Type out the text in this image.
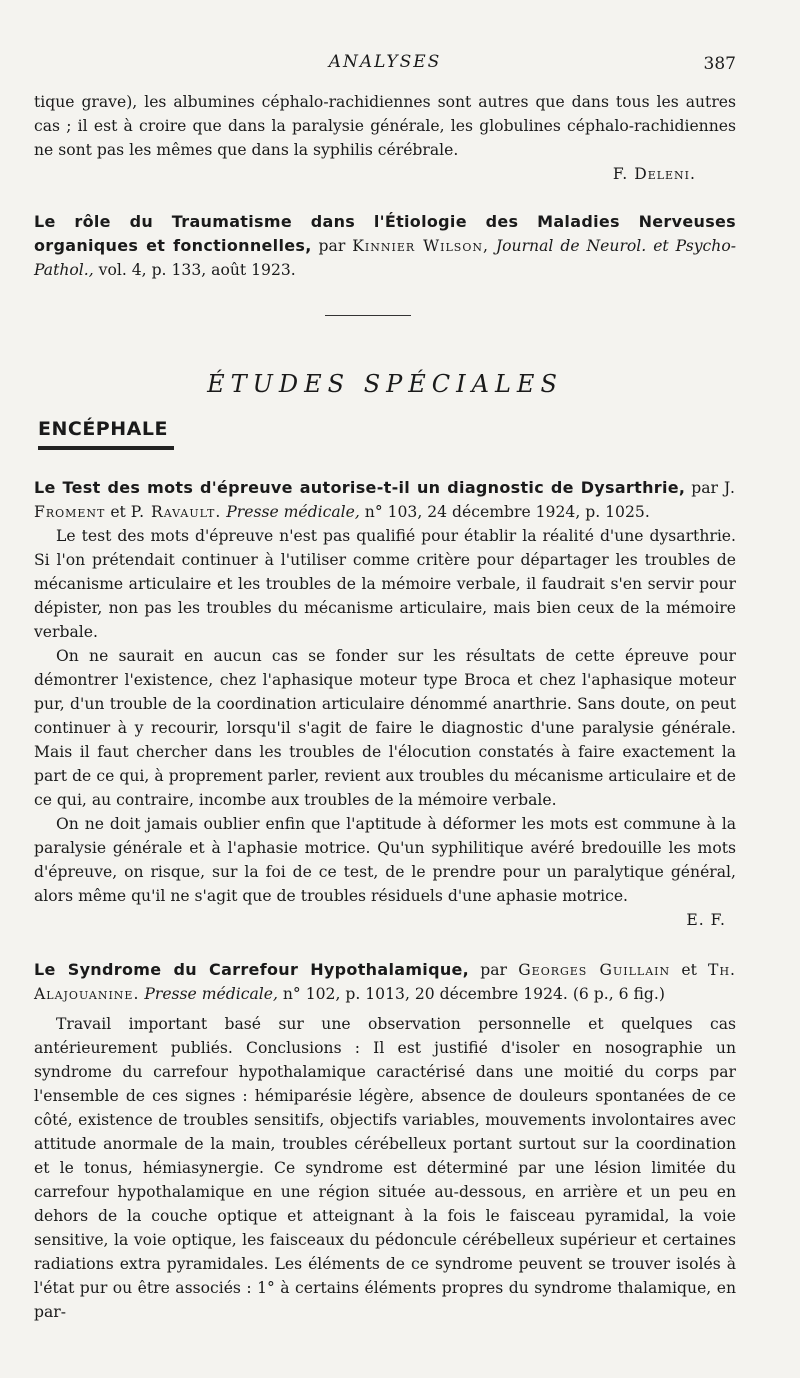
ANALYSES	387

tique grave), les albumines céphalo-rachidiennes sont autres que dans tous les autres cas ; il est à croire que dans la paralysie générale, les globulines céphalo-rachidiennes ne sont pas les mêmes que dans la syphilis cérébrale.

F. Deleni.

Le rôle du Traumatisme dans l'Étiologie des Maladies Nerveuses organiques et fonctionnelles, par Kinnier Wilson, Journal de Neurol. et Psycho-Pathol., vol. 4, p. 133, août 1923.
ÉTUDES SPÉCIALES
ENCÉPHALE
Le Test des mots d'épreuve autorise-t-il un diagnostic de Dysarthrie, par J. Froment et P. Ravault. Presse médicale, n° 103, 24 décembre 1924, p. 1025.

Le test des mots d'épreuve n'est pas qualifié pour établir la réalité d'une dysarthrie. Si l'on prétendait continuer à l'utiliser comme critère pour départager les troubles de mécanisme articulaire et les troubles de la mémoire verbale, il faudrait s'en servir pour dépister, non pas les troubles du mécanisme articulaire, mais bien ceux de la mémoire verbale.

On ne saurait en aucun cas se fonder sur les résultats de cette épreuve pour démontrer l'existence, chez l'aphasique moteur type Broca et chez l'aphasique moteur pur, d'un trouble de la coordination articulaire dénommé anarthrie. Sans doute, on peut continuer à y recourir, lorsqu'il s'agit de faire le diagnostic d'une paralysie générale. Mais il faut chercher dans les troubles de l'élocution constatés à faire exactement la part de ce qui, à proprement parler, revient aux troubles du mécanisme articulaire et de ce qui, au contraire, incombe aux troubles de la mémoire verbale.

On ne doit jamais oublier enfin que l'aptitude à déformer les mots est commune à la paralysie générale et à l'aphasie motrice. Qu'un syphilitique avéré bredouille les mots d'épreuve, on risque, sur la foi de ce test, de le prendre pour un paralytique général, alors même qu'il ne s'agit que de troubles résiduels d'une aphasie motrice.

E. F.

Le Syndrome du Carrefour Hypothalamique, par Georges Guillain et Th. Alajouanine. Presse médicale, n° 102, p. 1013, 20 décembre 1924. (6 p., 6 fig.)

Travail important basé sur une observation personnelle et quelques cas antérieurement publiés. Conclusions : Il est justifié d'isoler en nosographie un syndrome du carrefour hypothalamique caractérisé dans une moitié du corps par l'ensemble de ces signes : hémiparésie légère, absence de douleurs spontanées de ce côté, existence de troubles sensitifs, objectifs variables, mouvements involontaires avec attitude anormale de la main, troubles cérébelleux portant surtout sur la coordination et le tonus, hémiasynergie. Ce syndrome est déterminé par une lésion limitée du carrefour hypothalamique en une région située au-dessous, en arrière et un peu en dehors de la couche optique et atteignant à la fois le faisceau pyramidal, la voie sensitive, la voie optique, les faisceaux du pédoncule cérébelleux supérieur et certaines radiations extra pyramidales. Les éléments de ce syndrome peuvent se trouver isolés à l'état pur ou être associés : 1° à certains éléments propres du syndrome thalamique, en par-
